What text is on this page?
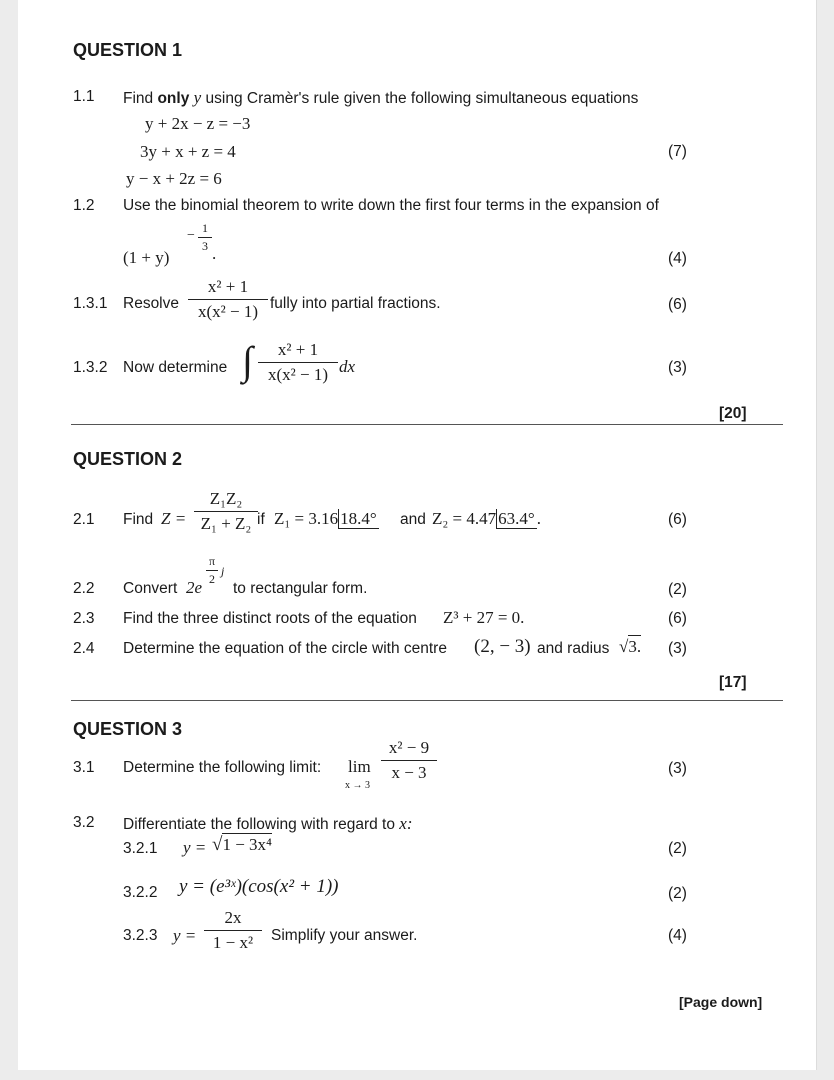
QUESTION 1
1.1 Find only y using Cramèr's rule given the following simultaneous equations
y + 2x − z = −3
3y + x + z = 4
y − x + 2z = 6
(7)
1.2 Use the binomial theorem to write down the first four terms in the expansion of
(1 + y)
− 1
3 .	(4)
1.3.1 Resolve
x² + 1
x(x² − 1) fully into partial fractions.	(6)
1.3.2 Now determine ∫	x² + 1
x(x² − 1) dx	(3)
[20]
QUESTION 2
2.1 Find Z =
Z₁Z₂
Z₁ + Z₂ if Z₁ = 3.16 18.4° and Z₂ = 4.47 63.4° .	(6)
2.2 Convert 2e
π
2
j
to rectangular form.	(2)
2.3 Find the three distinct roots of the equation Z³ + 27 = 0.	(6)
2.4 Determine the equation of the circle with centre (2, − 3) and radius √3. (3)
[17]
QUESTION 3
3.1 Determine the following limit: lim
x → 3
x² − 9
x − 3	(3)
3.2 Differentiate the following with regard to x:
3.2.1 y = √1 − 3x⁴	(2)
3.2.2 y = (e³ˣ)(cos(x² + 1))	(2)
3.2.3 y =
2x
1 − x²	Simplify your answer.	(4)
[Page down]
